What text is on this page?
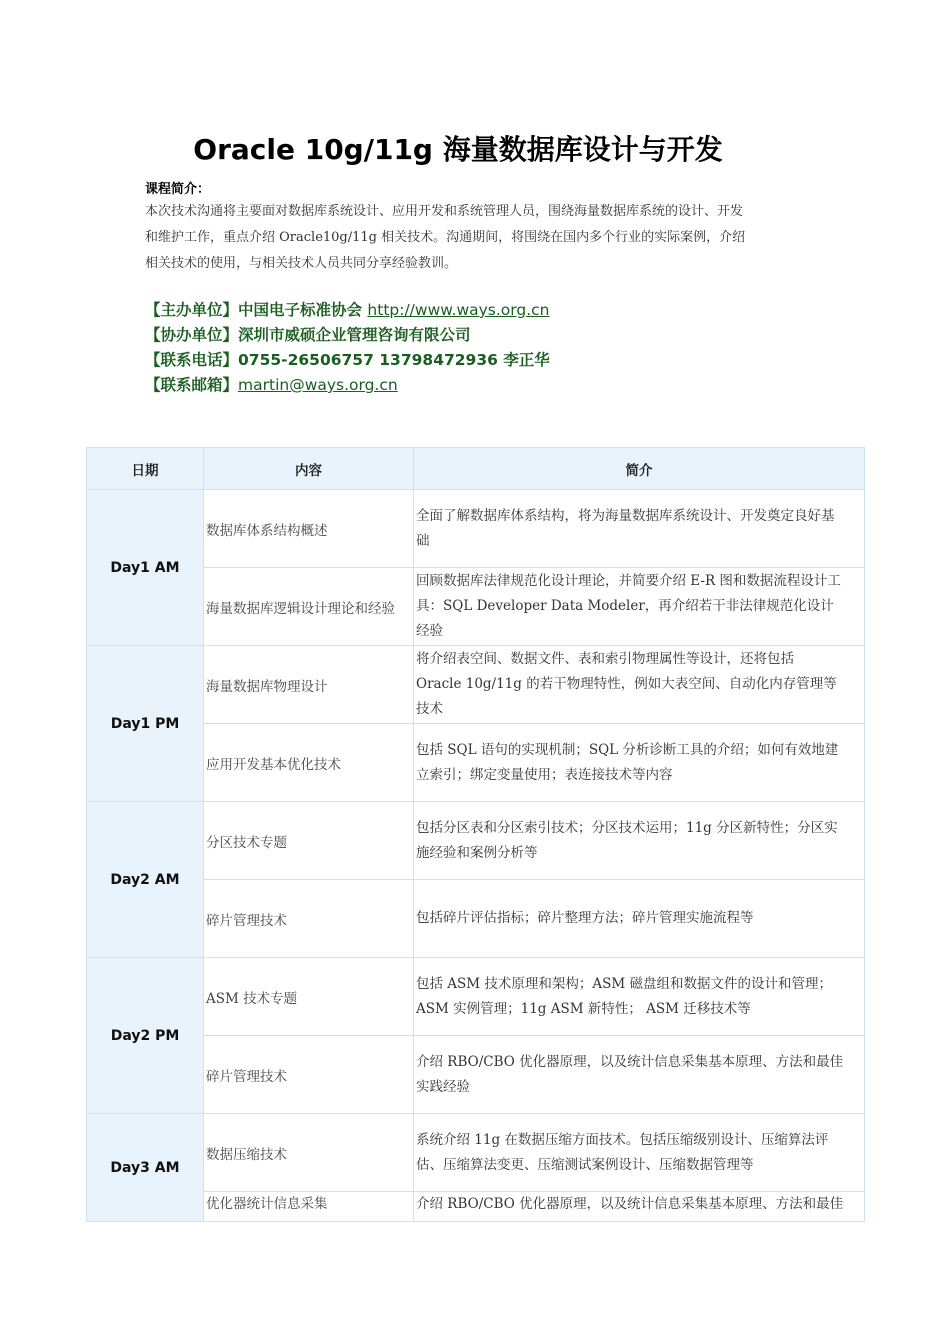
Oracle 10g/11g 海量数据库设计与开发
课程简介：
本次技术沟通将主要面对数据库系统设计、应用开发和系统管理人员，围绕海量数据库系统的设计、开发
和维护工作，重点介绍 Oracle10g/11g 相关技术。沟通期间，将围绕在国内多个行业的实际案例，介绍
相关技术的使用，与相关技术人员共同分享经验教训。
【主办单位】中国电子标准协会 http://www.ways.org.cn
【协办单位】深圳市威硕企业管理咨询有限公司
【联系电话】0755-26506757 13798472936 李正华
【联系邮箱】martin@ways.org.cn
日期	内容	简介
Day1 AM	数据库体系结构概述	全面了解数据库体系结构，将为海量数据库系统设计、开发奠定良好基
础

	海量数据库逻辑设计理论和经验	回顾数据库法律规范化设计理论，并简要介绍 E-R 图和数据流程设计工
具：SQL Developer Data Modeler，再介绍若干非法律规范化设计
经验

Day1 PM	海量数据库物理设计	将介绍表空间、数据文件、表和索引物理属性等设计，还将包括
Oracle 10g/11g 的若干物理特性，例如大表空间、自动化内存管理等
技术

	应用开发基本优化技术	包括 SQL 语句的实现机制；SQL 分析诊断工具的介绍；如何有效地建
立索引；绑定变量使用；表连接技术等内容

Day2 AM	分区技术专题	包括分区表和分区索引技术；分区技术运用；11g 分区新特性；分区实
施经验和案例分析等

	碎片管理技术	包括碎片评估指标；碎片整理方法；碎片管理实施流程等

Day2 PM	ASM 技术专题	包括 ASM 技术原理和架构；ASM 磁盘组和数据文件的设计和管理；
ASM 实例管理；11g ASM 新特性； ASM 迁移技术等

	碎片管理技术	介绍 RBO/CBO 优化器原理，以及统计信息采集基本原理、方法和最佳
实践经验

Day3 AM	数据压缩技术	系统介绍 11g 在数据压缩方面技术。包括压缩级别设计、压缩算法评
估、压缩算法变更、压缩测试案例设计、压缩数据管理等

	优化器统计信息采集	介绍 RBO/CBO 优化器原理，以及统计信息采集基本原理、方法和最佳
